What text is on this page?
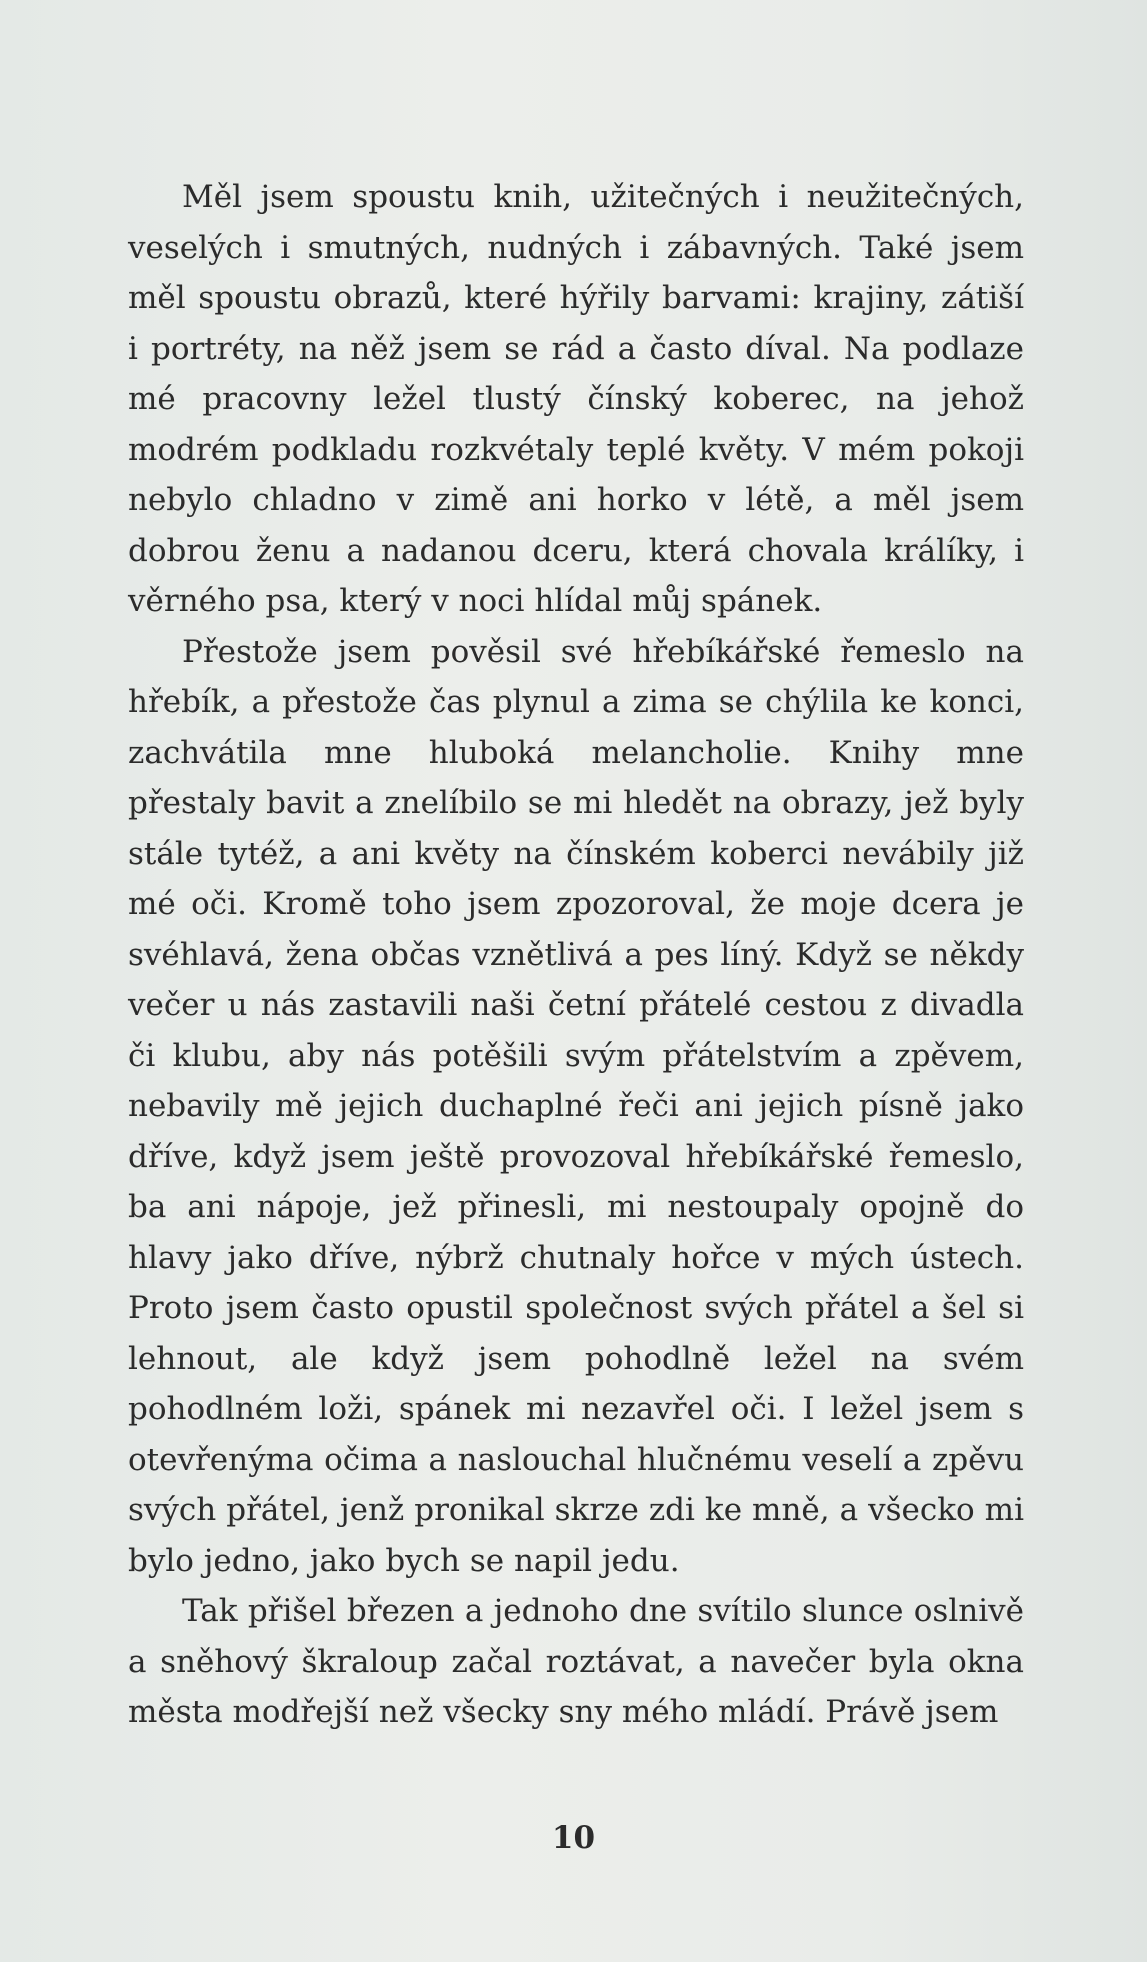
Měl jsem spoustu knih, užitečných i neužitečných, veselých i smutných, nudných i zábavných. Také jsem měl spoustu obrazů, které hýřily barvami: krajiny, zátiší i portréty, na něž jsem se rád a často díval. Na podlaze mé pracovny ležel tlustý čínský koberec, na jehož modrém podkladu rozkvétaly teplé květy. V mém pokoji nebylo chladno v zimě ani horko v létě, a měl jsem dobrou ženu a nadanou dceru, která chovala králíky, i věrného psa, který v noci hlídal můj spánek.

Přestože jsem pověsil své hřebíkářské řemeslo na hřebík, a přestože čas plynul a zima se chýlila ke konci, zachvátila mne hluboká melancholie. Knihy mne přestaly bavit a znelíbilo se mi hledět na obrazy, jež byly stále tytéž, a ani květy na čínském koberci nevábily již mé oči. Kromě toho jsem zpozoroval, že moje dcera je svéhlavá, žena občas vznětlivá a pes líný. Když se někdy večer u nás zastavili naši četní přátelé cestou z divadla či klubu, aby nás potěšili svým přátelstvím a zpěvem, nebavily mě jejich duchaplné řeči ani jejich písně jako dříve, když jsem ještě provozoval hřebíkářské řemeslo, ba ani nápoje, jež přinesli, mi nestoupaly opojně do hlavy jako dříve, nýbrž chutnaly hořce v mých ústech. Proto jsem často opustil společnost svých přátel a šel si lehnout, ale když jsem pohodlně ležel na svém pohodlném loži, spánek mi nezavřel oči. I ležel jsem s otevřenýma očima a naslouchal hlučnému veselí a zpěvu svých přátel, jenž pronikal skrze zdi ke mně, a všecko mi bylo jedno, jako bych se napil jedu.

Tak přišel březen a jednoho dne svítilo slunce oslnivě a sněhový škraloup začal roztávat, a navečer byla okna města modřejší než všecky sny mého mládí. Právě jsem

10
